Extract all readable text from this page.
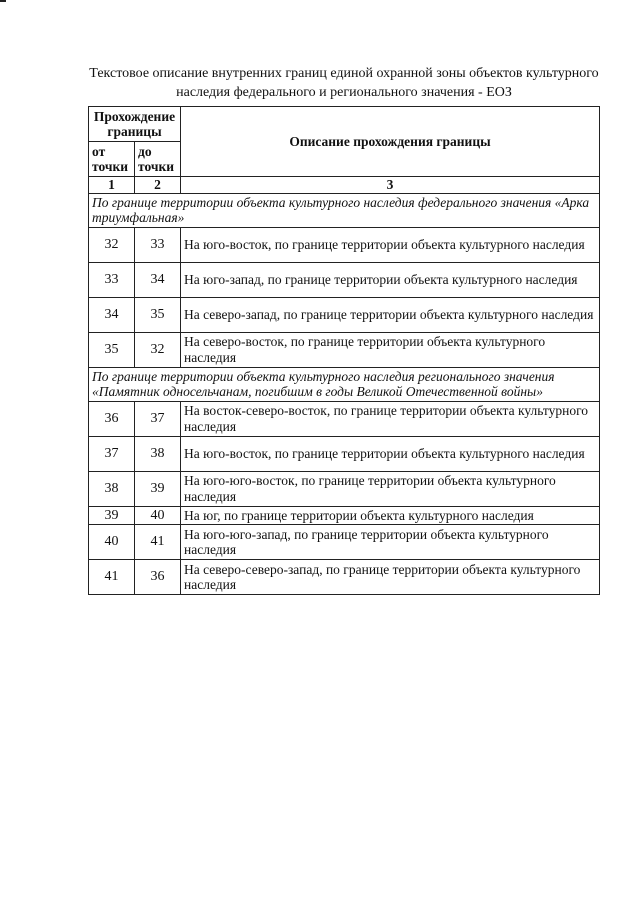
Текстовое описание внутренних границ единой охранной зоны объектов культурного наследия федерального и регионального значения - ЕОЗ
Прохождение границы		Описание прохождения границы
от точки	до точки	
1	2	3
По границе территории объекта культурного наследия федерального значения «Арка триумфальная»		
32	33	На юго-восток, по границе территории объекта культурного наследия
33	34	На юго-запад, по границе территории объекта культурного наследия
34	35	На северо-запад, по границе территории объекта культурного наследия
35	32	На северо-восток, по границе территории объекта культурного наследия
По границе территории объекта культурного наследия регионального значения «Памятник односельчанам, погибшим в годы Великой Отечественной войны»		
36	37	На восток-северо-восток, по границе территории объекта культурного наследия
37	38	На юго-восток, по границе территории объекта культурного наследия
38	39	На юго-юго-восток, по границе территории объекта культурного наследия
39	40	На юг, по границе территории объекта культурного наследия
40	41	На юго-юго-запад, по границе территории объекта культурного наследия
41	36	На северо-северо-запад, по границе территории объекта культурного наследия
